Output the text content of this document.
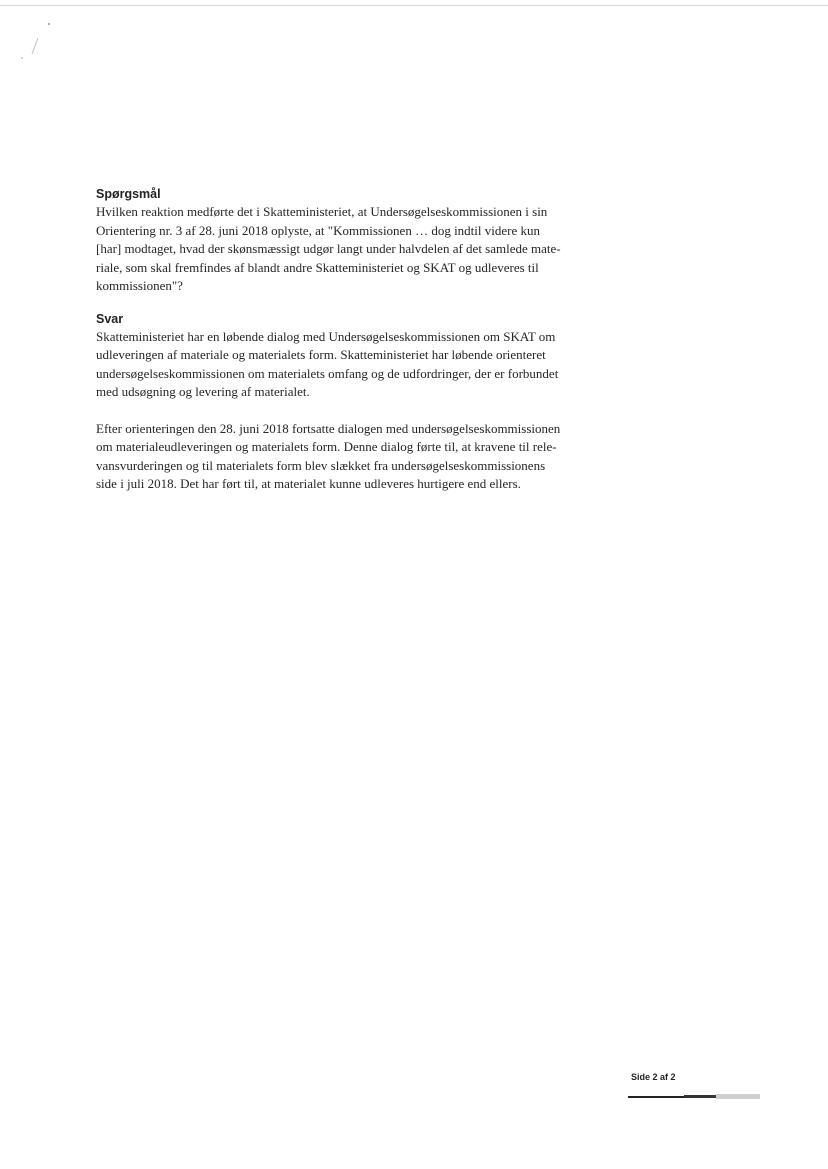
Spørgsmål

Hvilken reaktion medførte det i Skatteministeriet, at Undersøgelseskommissionen i sin

Orientering nr. 3 af 28. juni 2018 oplyste, at "Kommissionen … dog indtil videre kun

[har] modtaget, hvad der skønsmæssigt udgør langt under halvdelen af det samlede mate-

riale, som skal fremfindes af blandt andre Skatteministeriet og SKAT og udleveres til

kommissionen"?

Svar

Skatteministeriet har en løbende dialog med Undersøgelseskommissionen om SKAT om

udleveringen af materiale og materialets form. Skatteministeriet har løbende orienteret

undersøgelseskommissionen om materialets omfang og de udfordringer, der er forbundet

med udsøgning og levering af materialet.

Efter orienteringen den 28. juni 2018 fortsatte dialogen med undersøgelseskommissionen

om materialeudleveringen og materialets form. Denne dialog førte til, at kravene til rele-

vansvurderingen og til materialets form blev slækket fra undersøgelseskommissionens

side i juli 2018. Det har ført til, at materialet kunne udleveres hurtigere end ellers.

Side 2 af 2
